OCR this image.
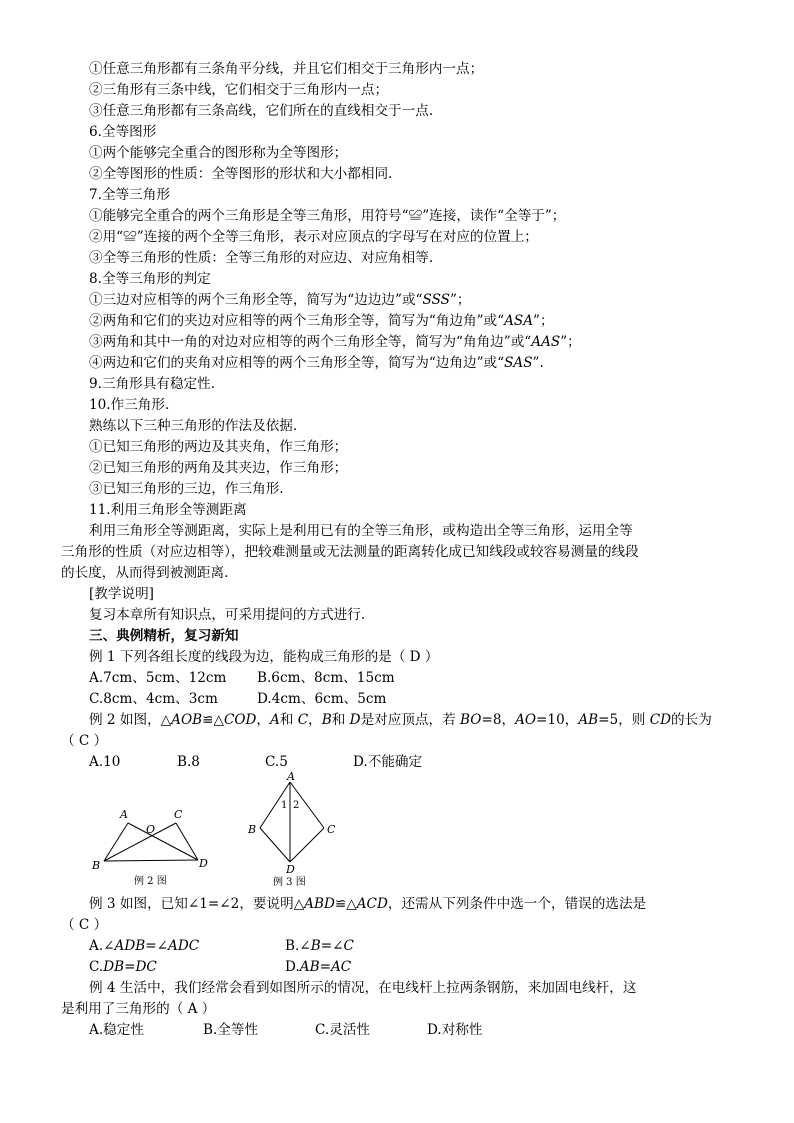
①任意三角形都有三条角平分线，并且它们相交于三角形内一点；
②三角形有三条中线，它们相交于三角形内一点；
③任意三角形都有三条高线，它们所在的直线相交于一点.
6.全等图形
①两个能够完全重合的图形称为全等图形；
②全等图形的性质：全等图形的形状和大小都相同.
7.全等三角形
①能够完全重合的两个三角形是全等三角形，用符号“≌”连接，读作“全等于”；
②用“≌”连接的两个全等三角形，表示对应顶点的字母写在对应的位置上；
③全等三角形的性质：全等三角形的对应边、对应角相等.
8.全等三角形的判定
①三边对应相等的两个三角形全等，简写为“边边边”或“SSS”；
②两角和它们的夹边对应相等的两个三角形全等，简写为“角边角”或“ASA”；
③两角和其中一角的对边对应相等的两个三角形全等，简写为“角角边”或“AAS”；
④两边和它们的夹角对应相等的两个三角形全等，简写为“边角边”或“SAS”.
9.三角形具有稳定性.
10.作三角形.
熟练以下三种三角形的作法及依据.
①已知三角形的两边及其夹角，作三角形；
②已知三角形的两角及其夹边，作三角形；
③已知三角形的三边，作三角形.
11.利用三角形全等测距离
利用三角形全等测距离，实际上是利用已有的全等三角形，或构造出全等三角形，运用全等
三角形的性质（对应边相等），把较难测量或无法测量的距离转化成已知线段或较容易测量的线段
的长度，从而得到被测距离.
[教学说明]
复习本章所有知识点，可采用提问的方式进行.
三、典例精析，复习新知
例 1 下列各组长度的线段为边，能构成三角形的是（ D ）
A.7cm、5cm、12cm	B.6cm、8cm、15cm
C.8cm、4cm、3cm	D.4cm、6cm、5cm
例 2 如图，△AOB≌△COD，A和 C，B和 D是对应顶点，若 BO=8，AO=10，AB=5，则 CD的长为
（ C ）
A.10	B.8	C.5	D.不能确定
A
O
C
B	D
例 2 图
A
1 2
B	C
D
例 3 图
例 3 如图，已知∠1=∠2，要说明△ABD≌△ACD，还需从下列条件中选一个，错误的选法是
（ C ）
A.∠ADB=∠ADC	B.∠B=∠C
C.DB=DC	D.AB=AC
例 4 生活中，我们经常会看到如图所示的情况，在电线杆上拉两条钢筋，来加固电线杆，这
是利用了三角形的（ A ）
A.稳定性	B.全等性	C.灵活性	D.对称性
